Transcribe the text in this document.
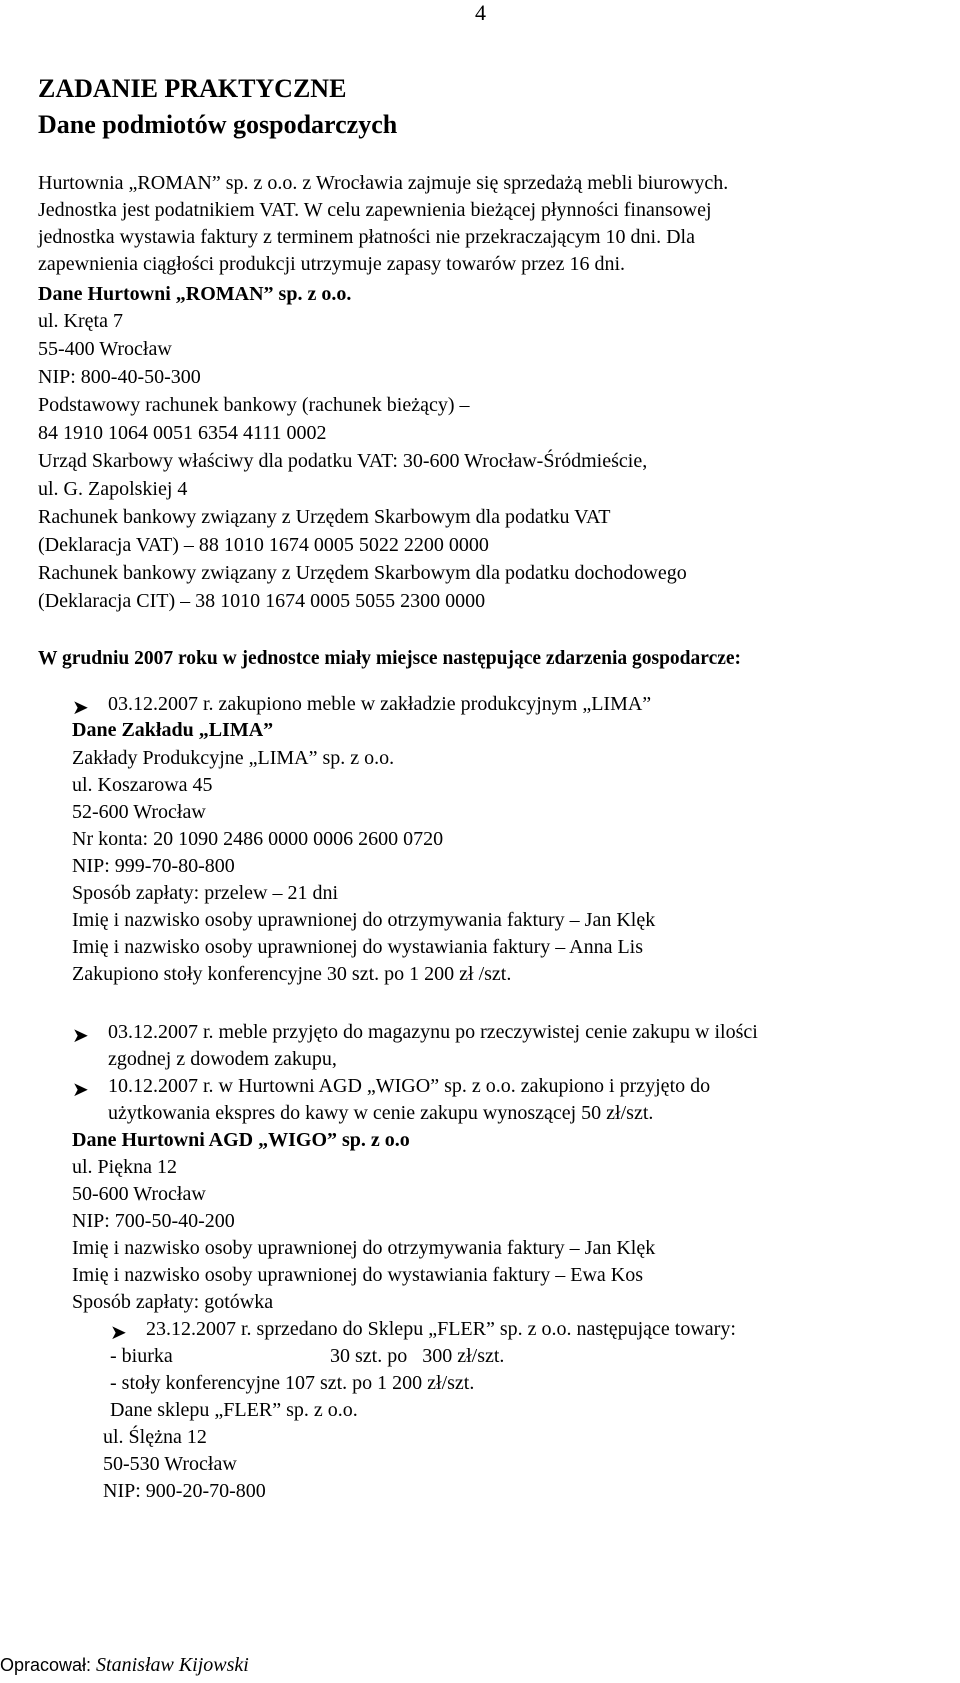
4
ZADANIE PRAKTYCZNE
Dane podmiotów gospodarczych
Hurtownia „ROMAN” sp. z o.o. z Wrocławia zajmuje się sprzedażą mebli biurowych.
Jednostka jest podatnikiem VAT. W celu zapewnienia bieżącej płynności finansowej
jednostka wystawia faktury z terminem płatności nie przekraczającym 10 dni. Dla
zapewnienia ciągłości produkcji utrzymuje zapasy towarów przez 16 dni.
Dane Hurtowni „ROMAN” sp. z o.o.
ul. Kręta 7
55-400 Wrocław
NIP: 800-40-50-300
Podstawowy rachunek bankowy (rachunek bieżący) –
84 1910 1064 0051 6354 4111 0002
Urząd Skarbowy właściwy dla podatku VAT: 30-600 Wrocław-Śródmieście,
ul. G. Zapolskiej 4
Rachunek bankowy związany z Urzędem Skarbowym dla podatku VAT
(Deklaracja VAT) – 88 1010 1674 0005 5022 2200 0000
Rachunek bankowy związany z Urzędem Skarbowym dla podatku dochodowego
(Deklaracja CIT) – 38 1010 1674 0005 5055 2300 0000
W grudniu 2007 roku w jednostce miały miejsce następujące zdarzenia gospodarcze:
➤ 03.12.2007 r. zakupiono meble w zakładzie produkcyjnym „LIMA”
Dane Zakładu „LIMA”
Zakłady Produkcyjne „LIMA” sp. z o.o.
ul. Koszarowa 45
52-600 Wrocław
Nr konta: 20 1090 2486 0000 0006 2600 0720
NIP: 999-70-80-800
Sposób zapłaty: przelew – 21 dni
Imię i nazwisko osoby uprawnionej do otrzymywania faktury – Jan Klęk
Imię i nazwisko osoby uprawnionej do wystawiania faktury – Anna Lis
Zakupiono stoły konferencyjne 30 szt. po 1 200 zł /szt.
➤ 03.12.2007 r. meble przyjęto do magazynu po rzeczywistej cenie zakupu w ilości
zgodnej z dowodem zakupu,
➤ 10.12.2007 r. w Hurtowni AGD „WIGO” sp. z o.o. zakupiono i przyjęto do
użytkowania ekspres do kawy w cenie zakupu wynoszącej 50 zł/szt.
Dane Hurtowni AGD „WIGO” sp. z o.o
ul. Piękna 12
50-600 Wrocław
NIP: 700-50-40-200
Imię i nazwisko osoby uprawnionej do otrzymywania faktury – Jan Klęk
Imię i nazwisko osoby uprawnionej do wystawiania faktury – Ewa Kos
Sposób zapłaty: gotówka
➤ 23.12.2007 r. sprzedano do Sklepu „FLER” sp. z o.o. następujące towary:
- biurka	30 szt. po   300 zł/szt.
- stoły konferencyjne 107 szt. po 1 200 zł/szt.
Dane sklepu „FLER” sp. z o.o.
ul. Ślężna 12
50-530 Wrocław
NIP: 900-20-70-800
Opracował: Stanisław Kijowski
